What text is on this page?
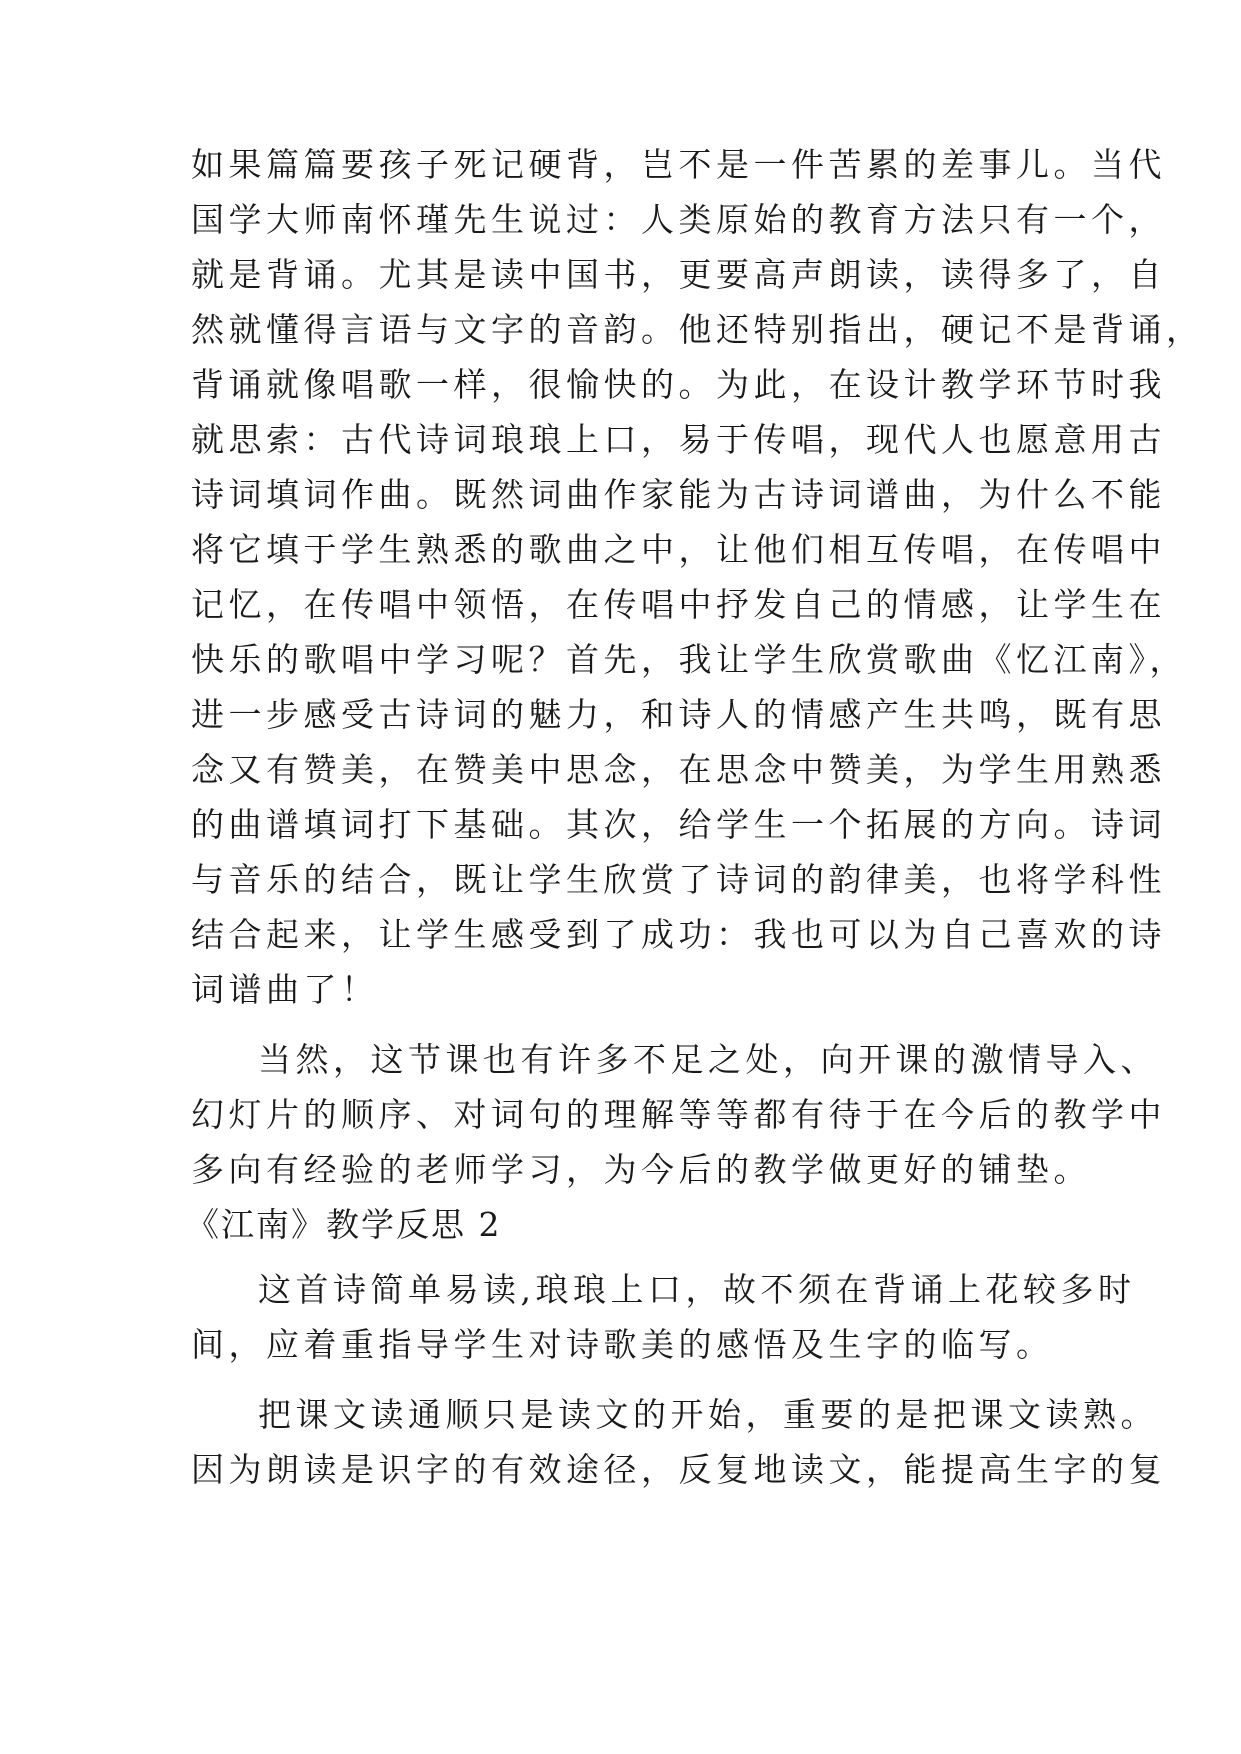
如果篇篇要孩子死记硬背，岂不是一件苦累的差事儿。当代
国学大师南怀瑾先生说过：人类原始的教育方法只有一个，
就是背诵。尤其是读中国书，更要高声朗读，读得多了，自
然就懂得言语与文字的音韵。他还特别指出，硬记不是背诵，
背诵就像唱歌一样，很愉快的。为此，在设计教学环节时我
就思索：古代诗词琅琅上口，易于传唱，现代人也愿意用古
诗词填词作曲。既然词曲作家能为古诗词谱曲，为什么不能
将它填于学生熟悉的歌曲之中，让他们相互传唱，在传唱中
记忆，在传唱中领悟，在传唱中抒发自己的情感，让学生在
快乐的歌唱中学习呢？首先，我让学生欣赏歌曲《忆江南》，
进一步感受古诗词的魅力，和诗人的情感产生共鸣，既有思
念又有赞美，在赞美中思念，在思念中赞美，为学生用熟悉
的曲谱填词打下基础。其次，给学生一个拓展的方向。诗词
与音乐的结合，既让学生欣赏了诗词的韵律美，也将学科性
结合起来，让学生感受到了成功：我也可以为自己喜欢的诗
词谱曲了！
当然，这节课也有许多不足之处，向开课的激情导入、
幻灯片的顺序、对词句的理解等等都有待于在今后的教学中
多向有经验的老师学习，为今后的教学做更好的铺垫。
《江南》教学反思 2
这首诗简单易读,琅琅上口，故不须在背诵上花较多时
间，应着重指导学生对诗歌美的感悟及生字的临写。
把课文读通顺只是读文的开始，重要的是把课文读熟。
因为朗读是识字的有效途径，反复地读文，能提高生字的复
